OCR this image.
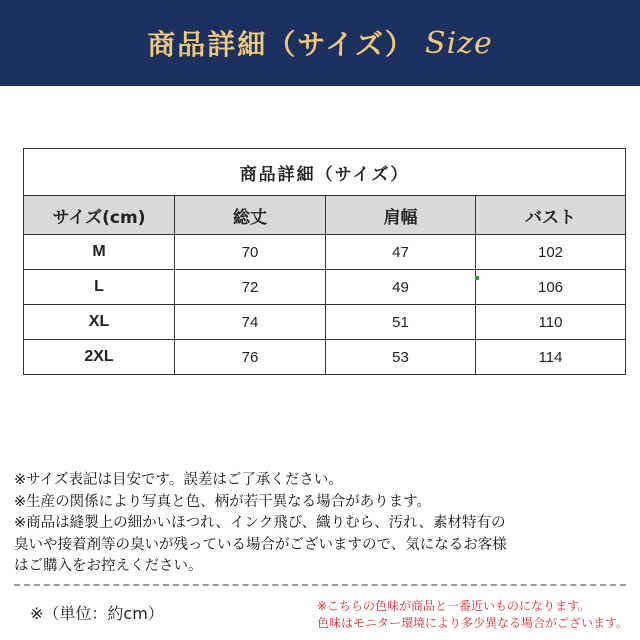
商品詳細（サイズ） Size
商品詳細（サイズ）			
サイズ(cm)	総丈	肩幅	バスト
M	70	47	102
L	72	49	106
XL	74	51	110
2XL	76	53	114

※サイズ表記は目安です。誤差はご了承ください。

※生産の関係により写真と色、柄が若干異なる場合があります。

※商品は縫製上の細かいほつれ、インク飛び、織りむら、汚れ、素材特有の

臭いや接着剤等の臭いが残っている場合がございますので、気になるお客様

はご購入をお控えください。

※（単位：約cm）	※こちらの色味が商品と一番近いものになります。

色味はモニター環境により多少異なる場合がございます。
